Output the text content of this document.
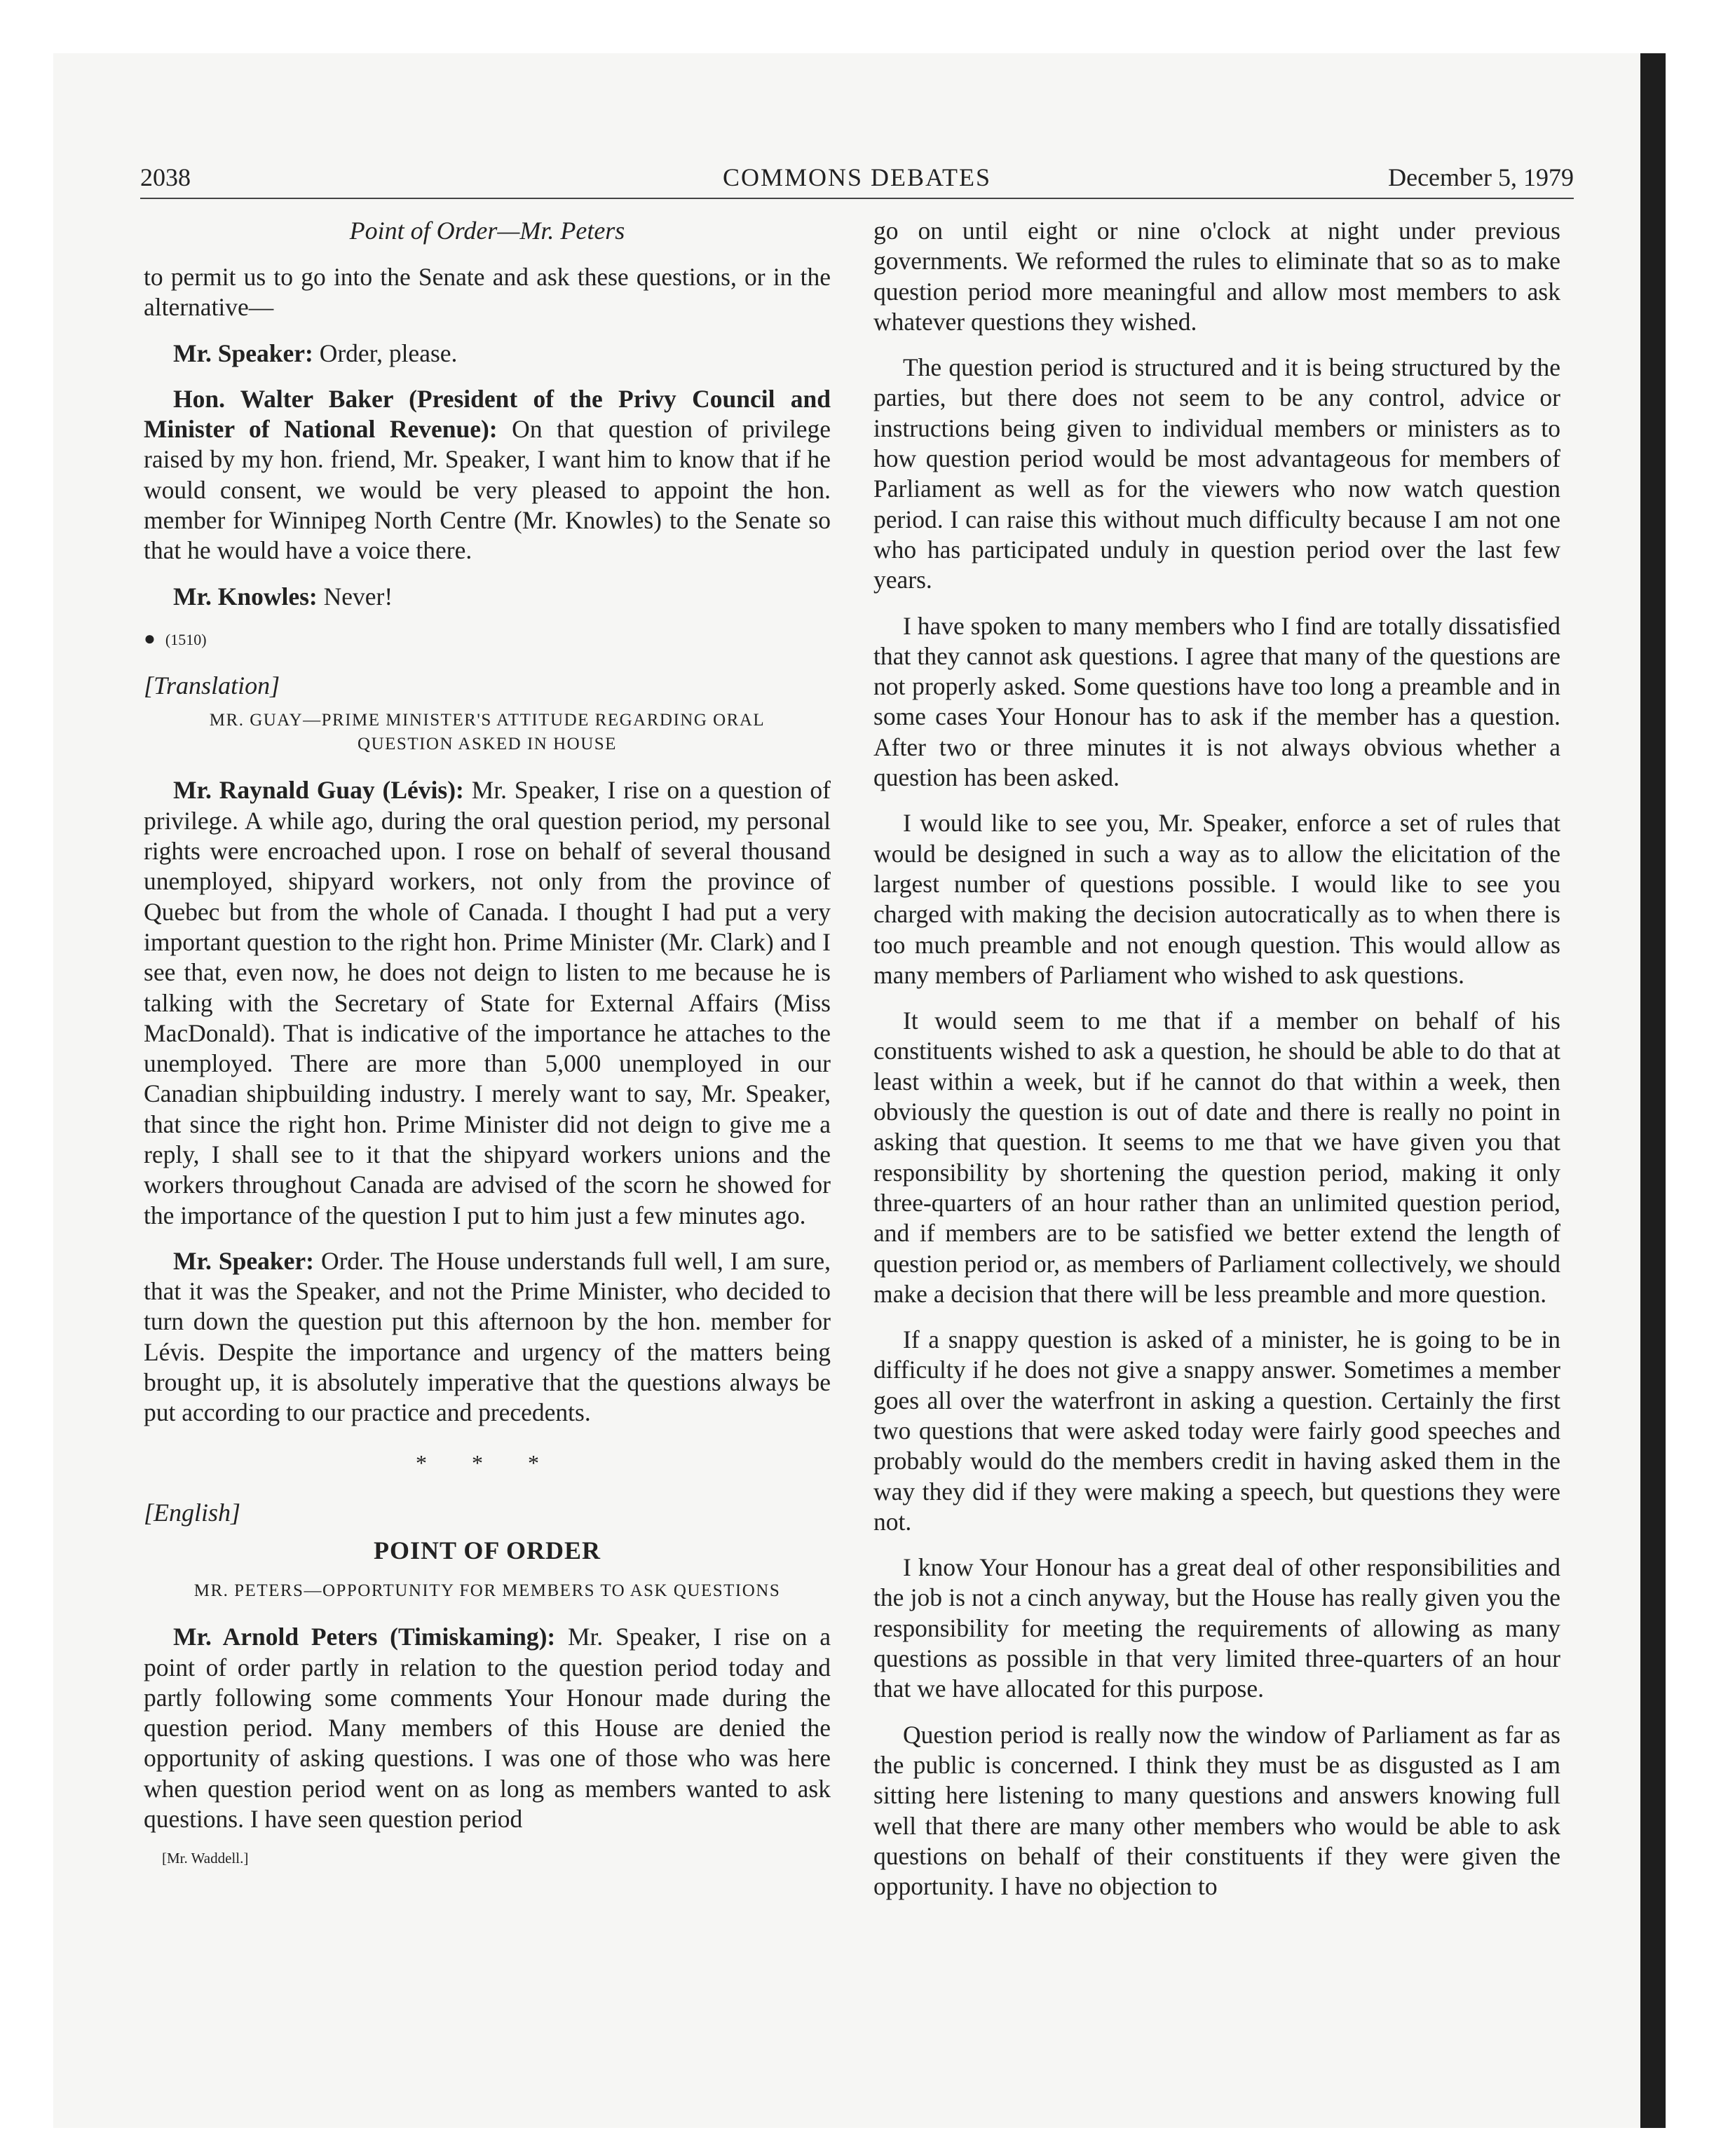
2038	COMMONS DEBATES	December 5, 1979
Point of Order—Mr. Peters

to permit us to go into the Senate and ask these questions, or in the alternative—

Mr. Speaker: Order, please.

Hon. Walter Baker (President of the Privy Council and Minister of National Revenue): On that question of privilege raised by my hon. friend, Mr. Speaker, I want him to know that if he would consent, we would be very pleased to appoint the hon. member for Winnipeg North Centre (Mr. Knowles) to the Senate so that he would have a voice there.

Mr. Knowles: Never!

● (1510)
[Translation]
MR. GUAY—PRIME MINISTER'S ATTITUDE REGARDING ORAL QUESTION ASKED IN HOUSE

Mr. Raynald Guay (Lévis): Mr. Speaker, I rise on a question of privilege. A while ago, during the oral question period, my personal rights were encroached upon. I rose on behalf of several thousand unemployed, shipyard workers, not only from the province of Quebec but from the whole of Canada. I thought I had put a very important question to the right hon. Prime Minister (Mr. Clark) and I see that, even now, he does not deign to listen to me because he is talking with the Secretary of State for External Affairs (Miss MacDonald). That is indicative of the importance he attaches to the unemployed. There are more than 5,000 unemployed in our Canadian shipbuilding industry. I merely want to say, Mr. Speaker, that since the right hon. Prime Minister did not deign to give me a reply, I shall see to it that the shipyard workers unions and the workers throughout Canada are advised of the scorn he showed for the importance of the question I put to him just a few minutes ago.

Mr. Speaker: Order. The House understands full well, I am sure, that it was the Speaker, and not the Prime Minister, who decided to turn down the question put this afternoon by the hon. member for Lévis. Despite the importance and urgency of the matters being brought up, it is absolutely imperative that the questions always be put according to our practice and precedents.

* * *
[English]
POINT OF ORDER
MR. PETERS—OPPORTUNITY FOR MEMBERS TO ASK QUESTIONS

Mr. Arnold Peters (Timiskaming): Mr. Speaker, I rise on a point of order partly in relation to the question period today and partly following some comments Your Honour made during the question period. Many members of this House are denied the opportunity of asking questions. I was one of those who was here when question period went on as long as members wanted to ask questions. I have seen question period

[Mr. Waddell.]

go on until eight or nine o'clock at night under previous governments. We reformed the rules to eliminate that so as to make question period more meaningful and allow most members to ask whatever questions they wished.

The question period is structured and it is being structured by the parties, but there does not seem to be any control, advice or instructions being given to individual members or ministers as to how question period would be most advantageous for members of Parliament as well as for the viewers who now watch question period. I can raise this without much difficulty because I am not one who has participated unduly in question period over the last few years.

I have spoken to many members who I find are totally dissatisfied that they cannot ask questions. I agree that many of the questions are not properly asked. Some questions have too long a preamble and in some cases Your Honour has to ask if the member has a question. After two or three minutes it is not always obvious whether a question has been asked.

I would like to see you, Mr. Speaker, enforce a set of rules that would be designed in such a way as to allow the elicitation of the largest number of questions possible. I would like to see you charged with making the decision autocratically as to when there is too much preamble and not enough question. This would allow as many members of Parliament who wished to ask questions.

It would seem to me that if a member on behalf of his constituents wished to ask a question, he should be able to do that at least within a week, but if he cannot do that within a week, then obviously the question is out of date and there is really no point in asking that question. It seems to me that we have given you that responsibility by shortening the question period, making it only three-quarters of an hour rather than an unlimited question period, and if members are to be satisfied we better extend the length of question period or, as members of Parliament collectively, we should make a decision that there will be less preamble and more question.

If a snappy question is asked of a minister, he is going to be in difficulty if he does not give a snappy answer. Sometimes a member goes all over the waterfront in asking a question. Certainly the first two questions that were asked today were fairly good speeches and probably would do the members credit in having asked them in the way they did if they were making a speech, but questions they were not.

I know Your Honour has a great deal of other responsibilities and the job is not a cinch anyway, but the House has really given you the responsibility for meeting the requirements of allowing as many questions as possible in that very limited three-quarters of an hour that we have allocated for this purpose.

Question period is really now the window of Parliament as far as the public is concerned. I think they must be as disgusted as I am sitting here listening to many questions and answers knowing full well that there are many other members who would be able to ask questions on behalf of their constituents if they were given the opportunity. I have no objection to
